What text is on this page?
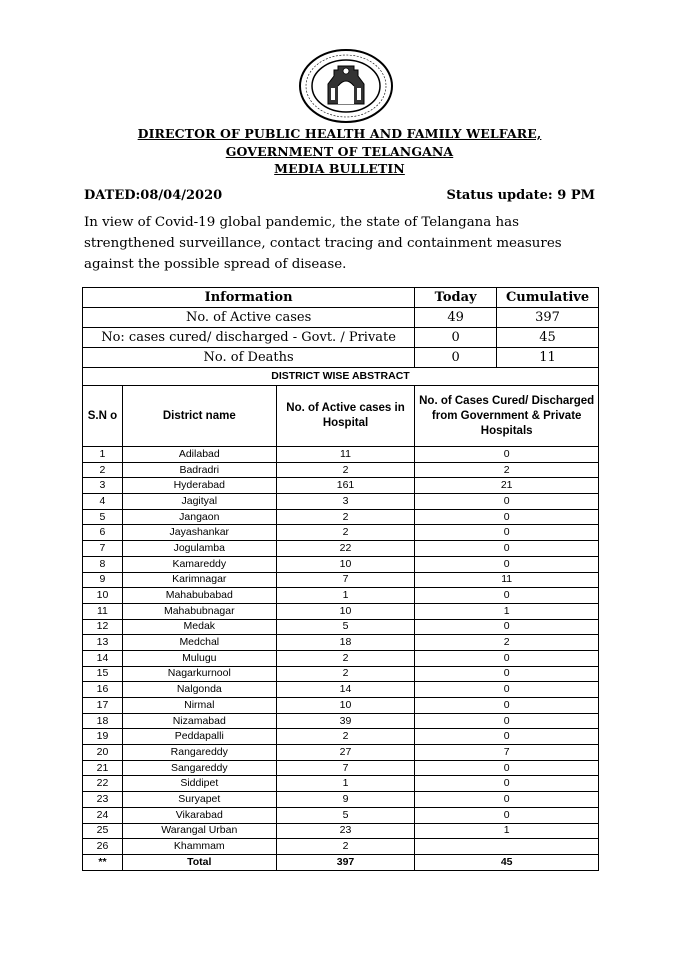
DIRECTOR OF PUBLIC HEALTH AND FAMILY WELFARE,
GOVERNMENT OF TELANGANA
MEDIA BULLETIN
DATED:08/04/2020	Status update: 9 PM
In view of Covid-19 global pandemic, the state of Telangana has strengthened surveillance, contact tracing and containment measures against the possible spread of disease.
Information	Today	Cumulative
No. of Active cases	49	397
No: cases cured/ discharged - Govt. / Private	0	45
No. of Deaths	0	11
DISTRICT WISE ABSTRACT			
S.N o	District name	No. of Active cases in Hospital	No. of Cases Cured/ Discharged from Government & Private Hospitals
1	Adilabad	11	0
2	Badradri	2	2
3	Hyderabad	161	21
4	Jagityal	3	0
5	Jangaon	2	0
6	Jayashankar	2	0
7	Jogulamba	22	0
8	Kamareddy	10	0
9	Karimnagar	7	11
10	Mahabubabad	1	0
11	Mahabubnagar	10	1
12	Medak	5	0
13	Medchal	18	2
14	Mulugu	2	0
15	Nagarkurnool	2	0
16	Nalgonda	14	0
17	Nirmal	10	0
18	Nizamabad	39	0
19	Peddapalli	2	0
20	Rangareddy	27	7
21	Sangareddy	7	0
22	Siddipet	1	0
23	Suryapet	9	0
24	Vikarabad	5	0
25	Warangal Urban	23	1
26	Khammam	2	
**	Total	397	45
